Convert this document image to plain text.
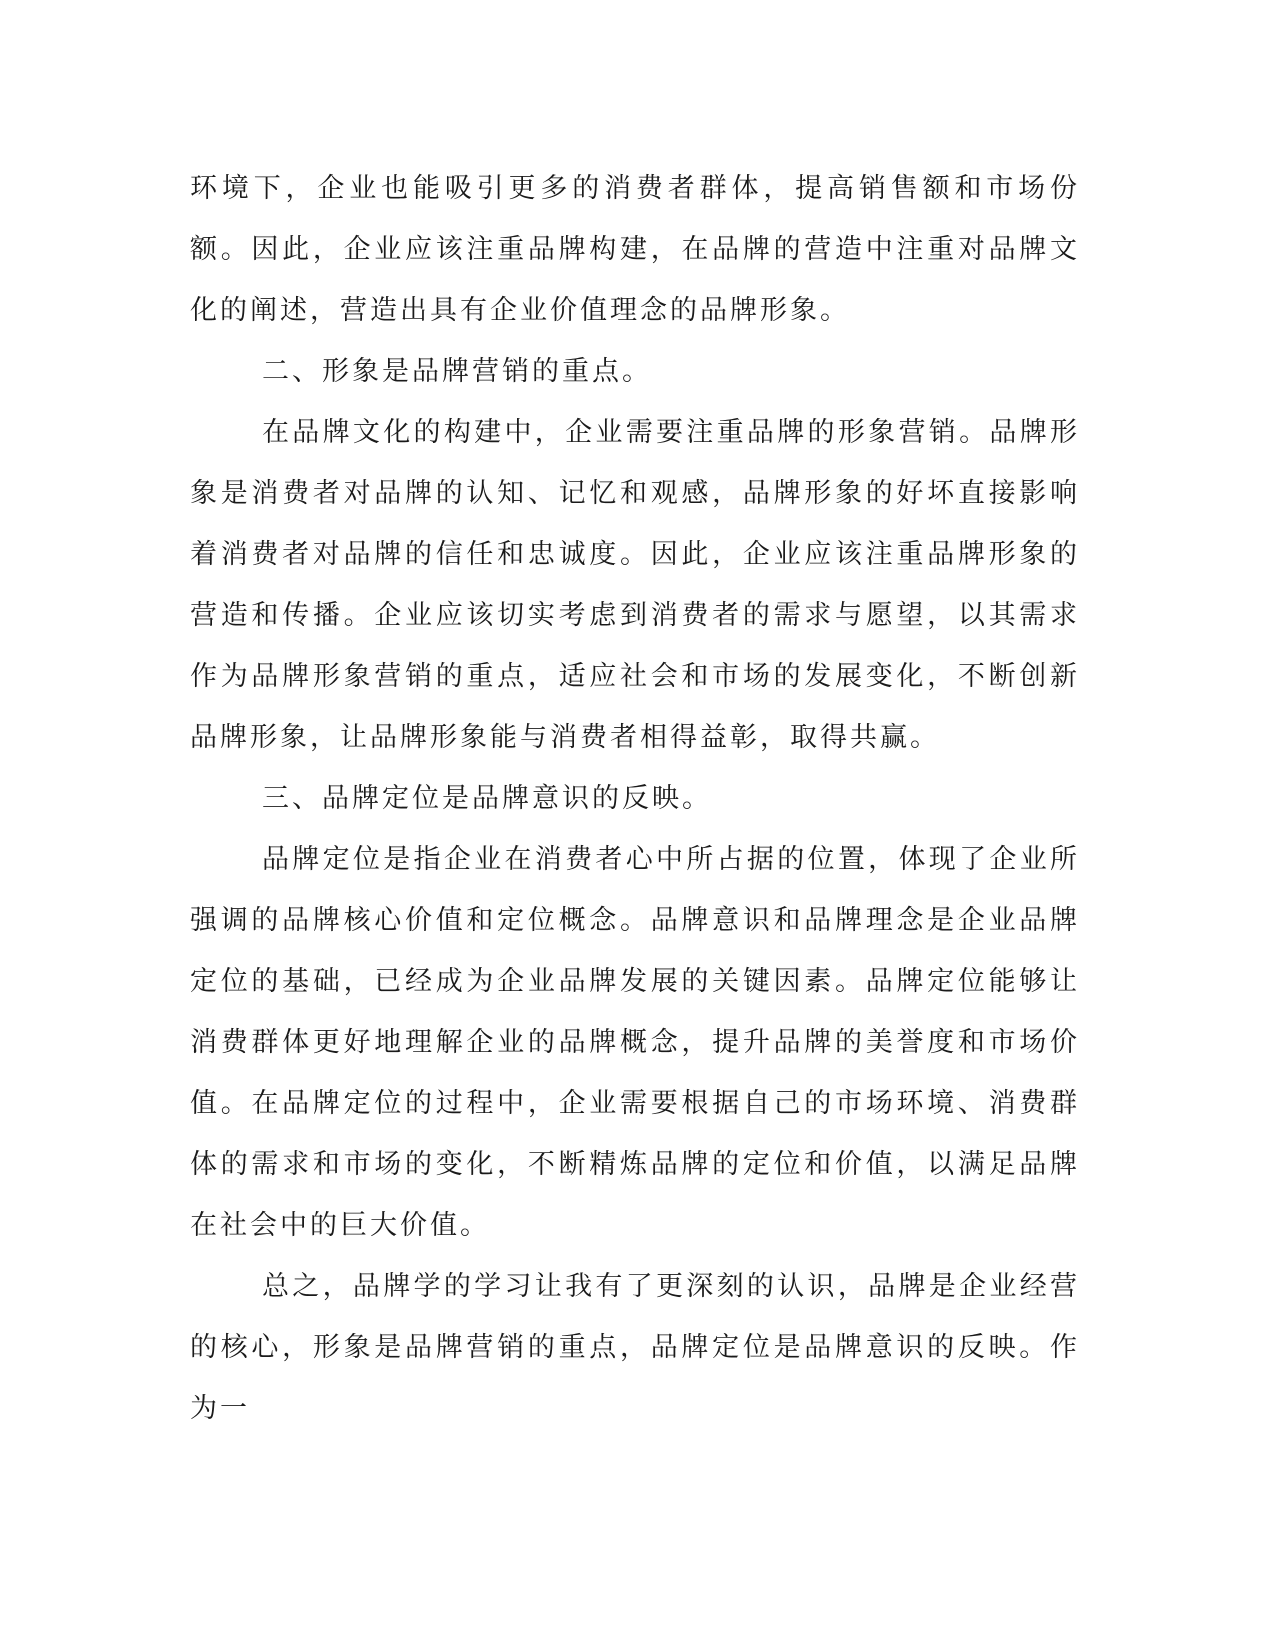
环境下，企业也能吸引更多的消费者群体，提高销售额和市场份额。因此，企业应该注重品牌构建，在品牌的营造中注重对品牌文化的阐述，营造出具有企业价值理念的品牌形象。

二、形象是品牌营销的重点。

在品牌文化的构建中，企业需要注重品牌的形象营销。品牌形象是消费者对品牌的认知、记忆和观感，品牌形象的好坏直接影响着消费者对品牌的信任和忠诚度。因此，企业应该注重品牌形象的营造和传播。企业应该切实考虑到消费者的需求与愿望，以其需求作为品牌形象营销的重点，适应社会和市场的发展变化，不断创新品牌形象，让品牌形象能与消费者相得益彰，取得共赢。

三、品牌定位是品牌意识的反映。

品牌定位是指企业在消费者心中所占据的位置，体现了企业所强调的品牌核心价值和定位概念。品牌意识和品牌理念是企业品牌定位的基础，已经成为企业品牌发展的关键因素。品牌定位能够让消费群体更好地理解企业的品牌概念，提升品牌的美誉度和市场价值。在品牌定位的过程中，企业需要根据自己的市场环境、消费群体的需求和市场的变化，不断精炼品牌的定位和价值，以满足品牌在社会中的巨大价值。

总之，品牌学的学习让我有了更深刻的认识，品牌是企业经营的核心，形象是品牌营销的重点，品牌定位是品牌意识的反映。作为一
